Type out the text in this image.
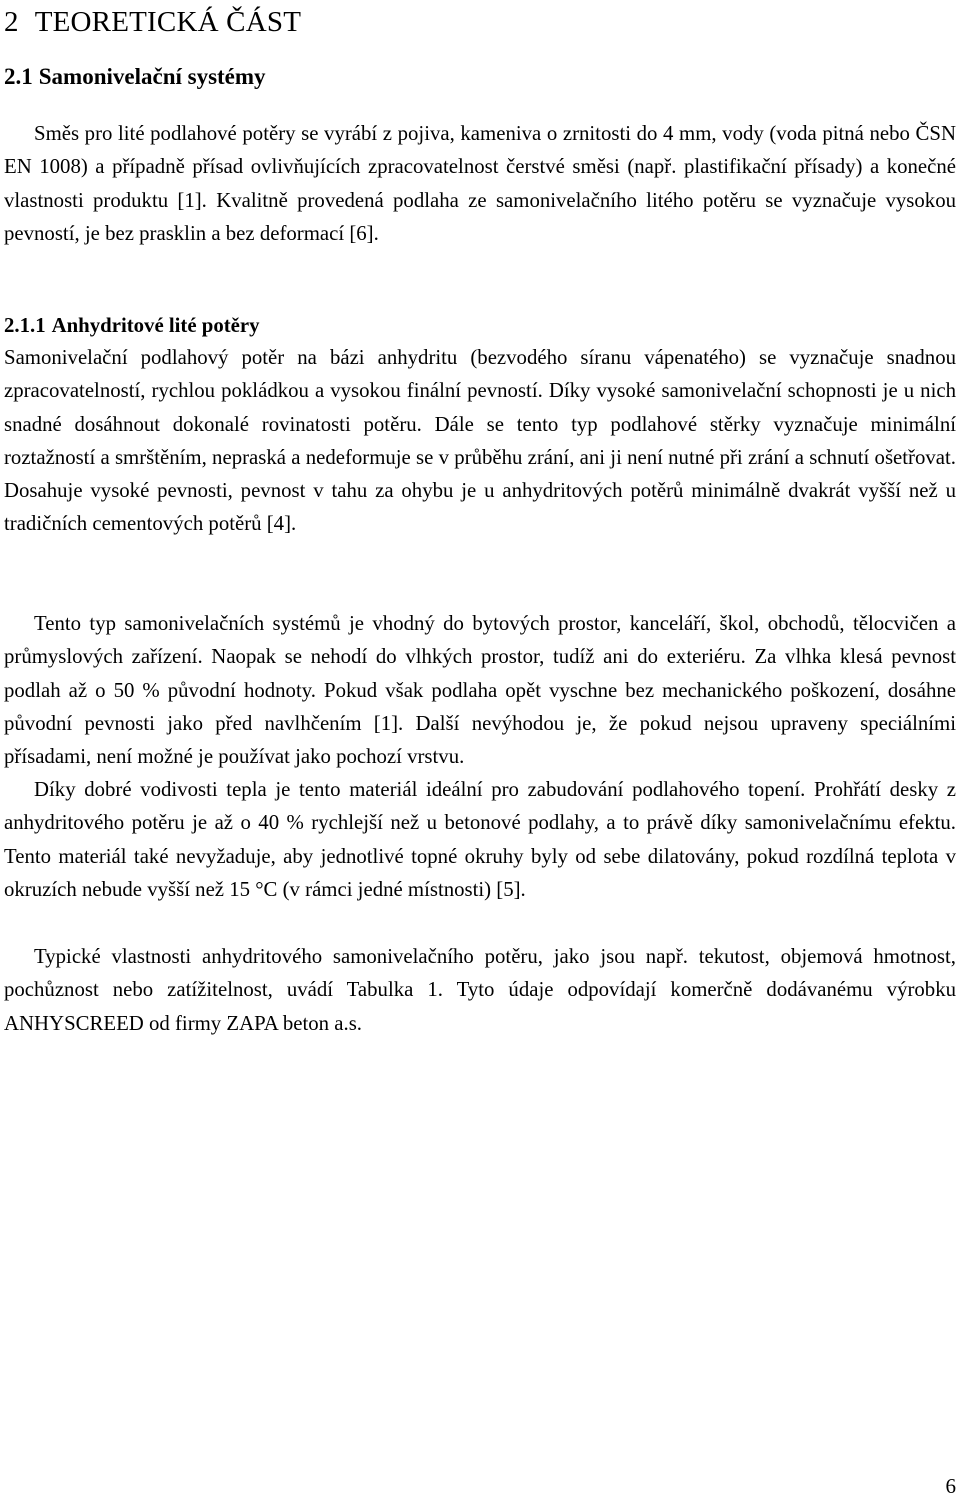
2 TEORETICKÁ ČÁST
2.1 Samonivelační systémy

Směs pro lité podlahové potěry se vyrábí z pojiva, kameniva o zrnitosti do 4 mm, vody (voda pitná nebo ČSN EN 1008) a případně přísad ovlivňujících zpracovatelnost čerstvé směsi (např. plastifikační přísady) a konečné vlastnosti produktu [1]. Kvalitně provedená podlaha ze samonivelačního litého potěru se vyznačuje vysokou pevností, je bez prasklin a bez deformací [6].

2.1.1 Anhydritové lité potěry

Samonivelační podlahový potěr na bázi anhydritu (bezvodého síranu vápenatého) se vyznačuje snadnou zpracovatelností, rychlou pokládkou a vysokou finální pevností. Díky vysoké samonivelační schopnosti je u nich snadné dosáhnout dokonalé rovinatosti potěru. Dále se tento typ podlahové stěrky vyznačuje minimální roztažností a smrštěním, nepraská a nedeformuje se v průběhu zrání, ani ji není nutné při zrání a schnutí ošetřovat. Dosahuje vysoké pevnosti, pevnost v tahu za ohybu je u anhydritových potěrů minimálně dvakrát vyšší než u tradičních cementových potěrů [4].

Tento typ samonivelačních systémů je vhodný do bytových prostor, kanceláří, škol, obchodů, tělocvičen a průmyslových zařízení. Naopak se nehodí do vlhkých prostor, tudíž ani do exteriéru. Za vlhka klesá pevnost podlah až o 50 % původní hodnoty. Pokud však podlaha opět vyschne bez mechanického poškození, dosáhne původní pevnosti jako před navlhčením [1]. Další nevýhodou je, že pokud nejsou upraveny speciálními přísadami, není možné je používat jako pochozí vrstvu.

Díky dobré vodivosti tepla je tento materiál ideální pro zabudování podlahového topení. Prohřátí desky z anhydritového potěru je až o 40 % rychlejší než u betonové podlahy, a to právě díky samonivelačnímu efektu. Tento materiál také nevyžaduje, aby jednotlivé topné okruhy byly od sebe dilatovány, pokud rozdílná teplota v okruzích nebude vyšší než 15 °C (v rámci jedné místnosti) [5].

Typické vlastnosti anhydritového samonivelačního potěru, jako jsou např. tekutost, objemová hmotnost, pochůznost nebo zatížitelnost, uvádí Tabulka 1. Tyto údaje odpovídají komerčně dodávanému výrobku ANHYSCREED od firmy ZAPA beton a.s.

6
